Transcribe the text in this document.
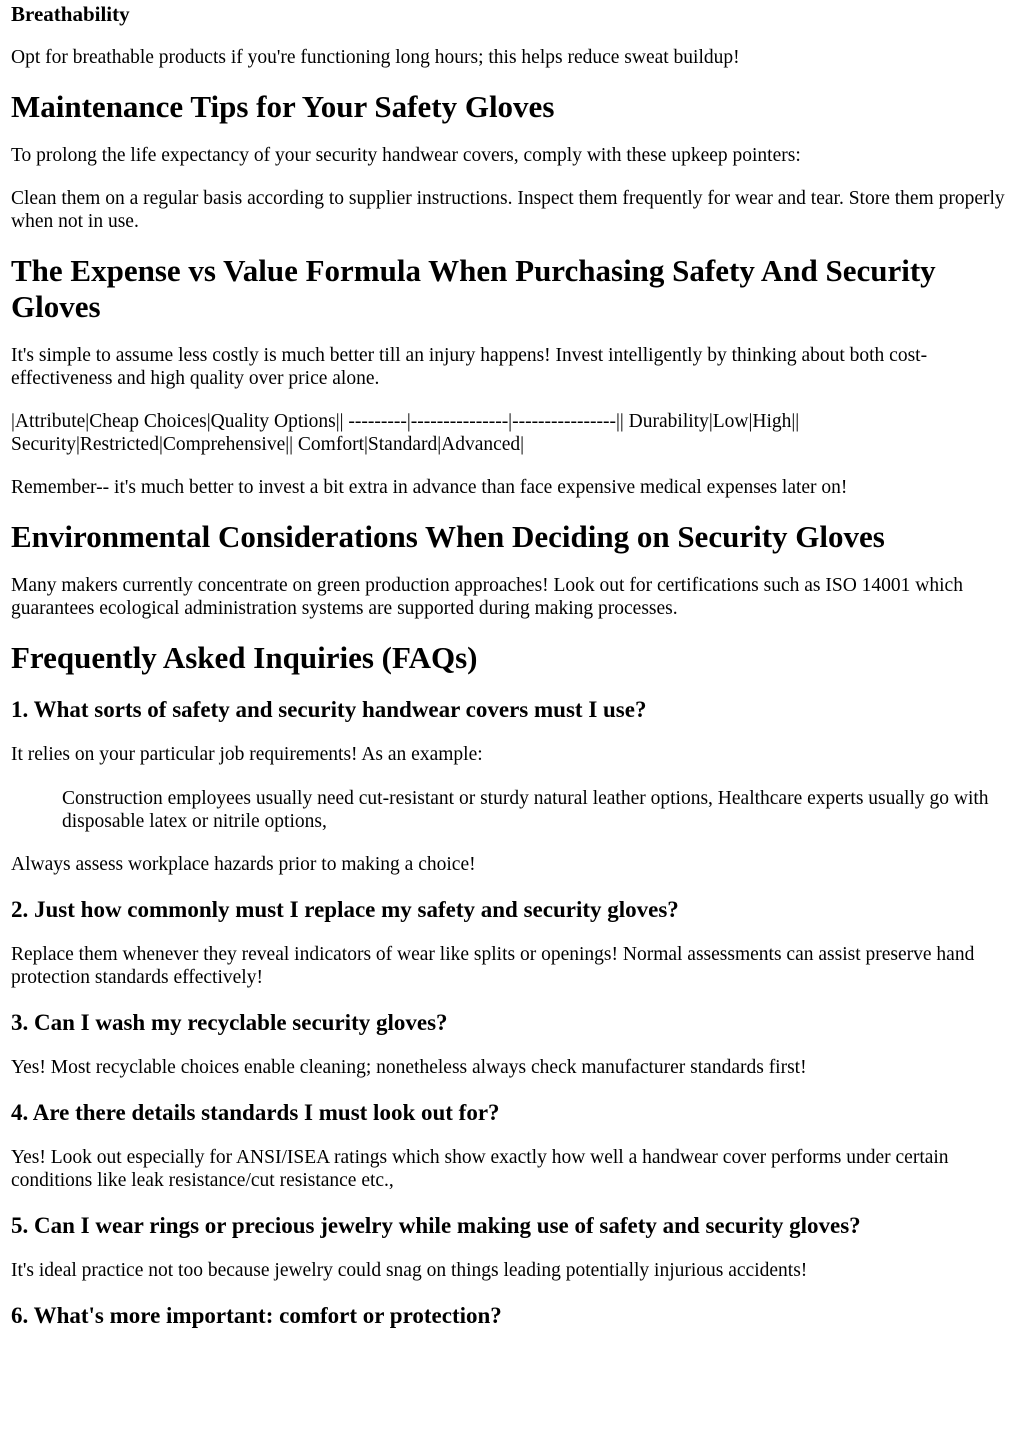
Breathability

Opt for breathable products if you're functioning long hours; this helps reduce sweat buildup!

Maintenance Tips for Your Safety Gloves

To prolong the life expectancy of your security handwear covers, comply with these upkeep pointers:

Clean them on a regular basis according to supplier instructions. Inspect them frequently for wear and tear. Store them properly when not in use.

The Expense vs Value Formula When Purchasing Safety And Security Gloves

It's simple to assume less costly is much better till an injury happens! Invest intelligently by thinking about both cost-effectiveness and high quality over price alone.

|Attribute|Cheap Choices|Quality Options|| ---------|---------------|----------------|| Durability|Low|High|| Security|Restricted|Comprehensive|| Comfort|Standard|Advanced|

Remember-- it's much better to invest a bit extra in advance than face expensive medical expenses later on!

Environmental Considerations When Deciding on Security Gloves

Many makers currently concentrate on green production approaches! Look out for certifications such as ISO 14001 which guarantees ecological administration systems are supported during making processes.

Frequently Asked Inquiries (FAQs)
1. What sorts of safety and security handwear covers must I use?

It relies on your particular job requirements! As an example:

Construction employees usually need cut-resistant or sturdy natural leather options, Healthcare experts usually go with disposable latex or nitrile options,

Always assess workplace hazards prior to making a choice!

2. Just how commonly must I replace my safety and security gloves?

Replace them whenever they reveal indicators of wear like splits or openings! Normal assessments can assist preserve hand protection standards effectively!

3. Can I wash my recyclable security gloves?

Yes! Most recyclable choices enable cleaning; nonetheless always check manufacturer standards first!

4. Are there details standards I must look out for?

Yes! Look out especially for ANSI/ISEA ratings which show exactly how well a handwear cover performs under certain conditions like leak resistance/cut resistance etc.,

5. Can I wear rings or precious jewelry while making use of safety and security gloves?

It's ideal practice not too because jewelry could snag on things leading potentially injurious accidents!

6. What's more important: comfort or protection?
